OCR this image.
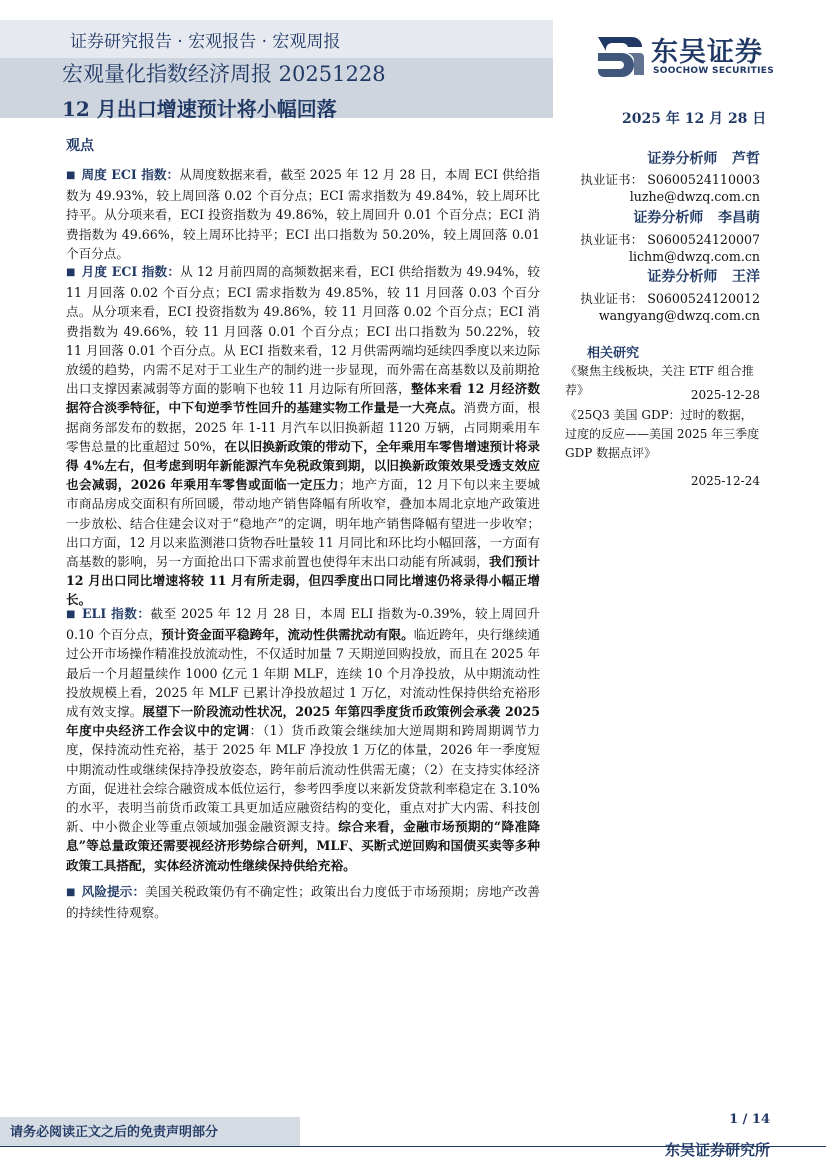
证券研究报告 · 宏观报告 · 宏观周报
宏观量化指数经济周报 20251228
12 月出口增速预计将小幅回落
东吴证券
SOOCHOW SECURITIES
2025 年 12 月 28 日
观点
■ 周度 ECI 指数：从周度数据来看，截至 2025 年 12 月 28 日，本周 ECI 供给指数为 49.93%，较上周回落 0.02 个百分点；ECI 需求指数为 49.84%，较上周环比持平。从分项来看，ECI 投资指数为 49.86%，较上周回升 0.01 个百分点；ECI 消费指数为 49.66%，较上周环比持平；ECI 出口指数为 50.20%，较上周回落 0.01 个百分点。
■ 月度 ECI 指数：从 12 月前四周的高频数据来看，ECI 供给指数为 49.94%，较 11 月回落 0.02 个百分点；ECI 需求指数为 49.85%，较 11 月回落 0.03 个百分点。从分项来看，ECI 投资指数为 49.86%，较 11 月回落 0.02 个百分点；ECI 消费指数为 49.66%，较 11 月回落 0.01 个百分点；ECI 出口指数为 50.22%，较 11 月回落 0.01 个百分点。从 ECI 指数来看，12 月供需两端均延续四季度以来边际放缓的趋势，内需不足对于工业生产的制约进一步显现，而外需在高基数以及前期抢出口支撑因素减弱等方面的影响下也较 11 月边际有所回落，整体来看 12 月经济数据符合淡季特征，中下旬逆季节性回升的基建实物工作量是一大亮点。消费方面，根据商务部发布的数据，2025 年 1-11 月汽车以旧换新超 1120 万辆，占同期乘用车零售总量的比重超过 50%，在以旧换新政策的带动下，全年乘用车零售增速预计将录得 4%左右，但考虑到明年新能源汽车免税政策到期，以旧换新政策效果受透支效应也会减弱，2026 年乘用车零售或面临一定压力；地产方面，12 月下旬以来主要城市商品房成交面积有所回暖，带动地产销售降幅有所收窄，叠加本周北京地产政策进一步放松、结合住建会议对于“稳地产”的定调，明年地产销售降幅有望进一步收窄；出口方面，12 月以来监测港口货物吞吐量较 11 月同比和环比均小幅回落，一方面有高基数的影响，另一方面抢出口下需求前置也使得年末出口动能有所减弱，我们预计 12 月出口同比增速将较 11 月有所走弱，但四季度出口同比增速仍将录得小幅正增长。
■ ELI 指数：截至 2025 年 12 月 28 日，本周 ELI 指数为-0.39%，较上周回升 0.10 个百分点，预计资金面平稳跨年，流动性供需扰动有限。临近跨年，央行继续通过公开市场操作精准投放流动性，不仅适时加量 7 天期逆回购投放，而且在 2025 年最后一个月超量续作 1000 亿元 1 年期 MLF，连续 10 个月净投放，从中期流动性投放规模上看，2025 年 MLF 已累计净投放超过 1 万亿，对流动性保持供给充裕形成有效支撑。展望下一阶段流动性状况，2025 年第四季度货币政策例会承袭 2025 年度中央经济工作会议中的定调：（1）货币政策会继续加大逆周期和跨周期调节力度，保持流动性充裕，基于 2025 年 MLF 净投放 1 万亿的体量，2026 年一季度短中期流动性或继续保持净投放姿态，跨年前后流动性供需无虞；（2）在支持实体经济方面，促进社会综合融资成本低位运行，参考四季度以来新发贷款利率稳定在 3.10%的水平，表明当前货币政策工具更加适应融资结构的变化，重点对扩大内需、科技创新、中小微企业等重点领域加强金融资源支持。综合来看，金融市场预期的“降准降息”等总量政策还需要视经济形势综合研判，MLF、买断式逆回购和国债买卖等多种政策工具搭配，实体经济流动性继续保持供给充裕。
■ 风险提示：美国关税政策仍有不确定性；政策出台力度低于市场预期；房地产改善的持续性待观察。
证券分析师 芦哲
执业证书： S0600524110003
luzhe@dwzq.com.cn
证券分析师 李昌萌
执业证书： S0600524120007
lichm@dwzq.com.cn
证券分析师 王洋
执业证书： S0600524120012
wangyang@dwzq.com.cn
相关研究
《聚焦主线板块，关注 ETF 组合推荐》	2025-12-28
《25Q3 美国 GDP：过时的数据，过度的反应——美国 2025 年三季度 GDP 数据点评》
2025-12-24
1 / 14
请务必阅读正文之后的免责声明部分
东吴证券研究所
